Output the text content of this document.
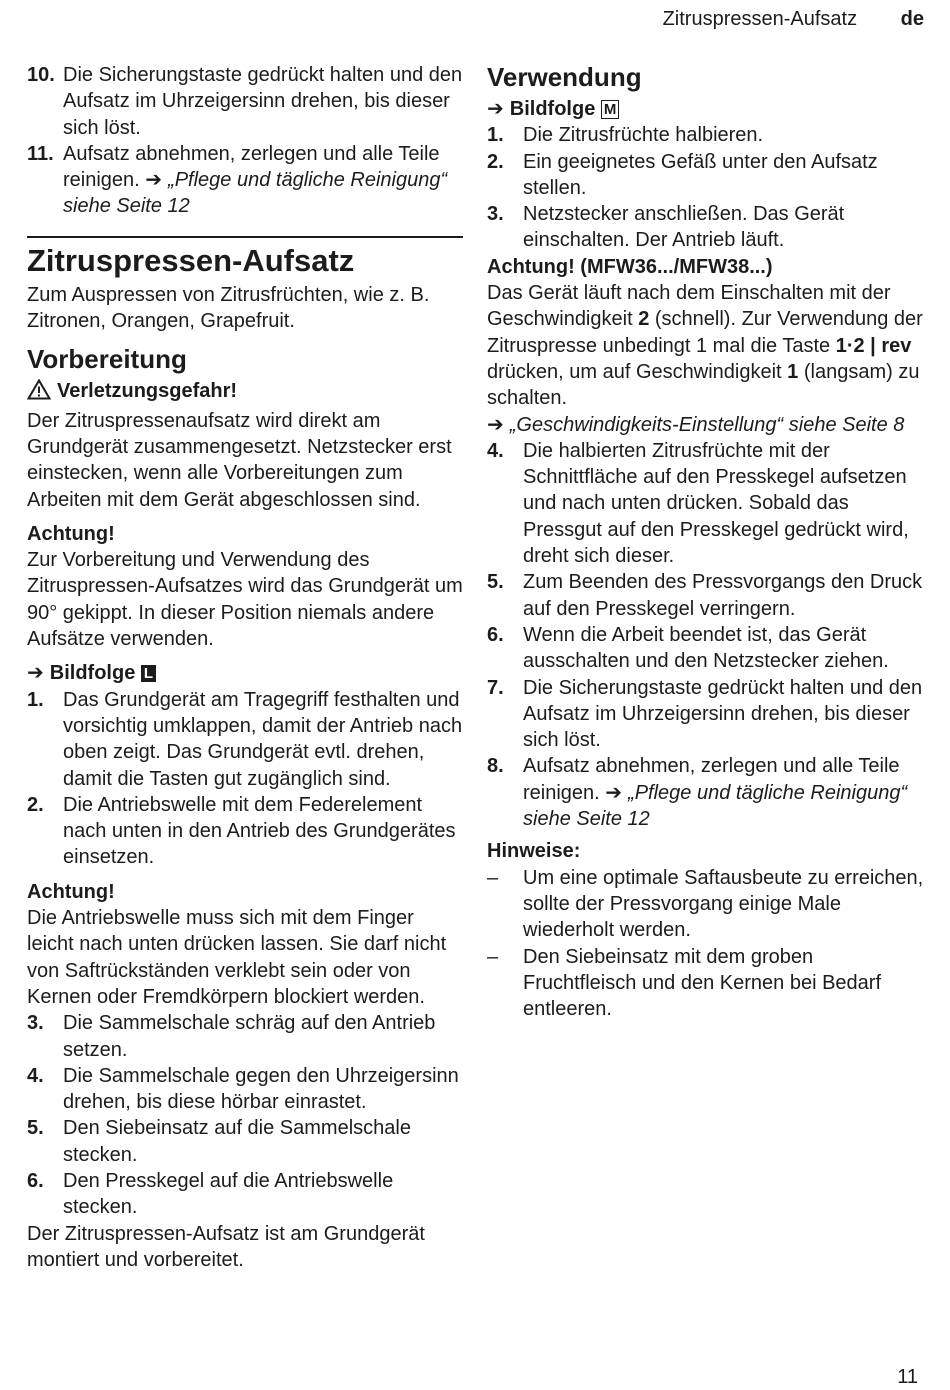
Zitruspressen-Aufsatz de
10. Die Sicherungstaste gedrückt halten und den Aufsatz im Uhrzeigersinn drehen, bis dieser sich löst.
11. Aufsatz abnehmen, zerlegen und alle Teile reinigen. ➔ „Pflege und tägliche Reinigung“ siehe Seite 12
Zitruspressen-Aufsatz
Zum Auspressen von Zitrusfrüchten, wie z. B. Zitronen, Orangen, Grapefruit.
Vorbereitung
Verletzungsgefahr!
Der Zitruspressenaufsatz wird direkt am Grundgerät zusammengesetzt. Netzstecker erst einstecken, wenn alle Vorbereitungen zum Arbeiten mit dem Gerät abgeschlossen sind.
Achtung!
Zur Vorbereitung und Verwendung des Zitruspressen-Aufsatzes wird das Grundgerät um 90° gekippt. In dieser Position niemals andere Aufsätze verwenden.
➔ Bildfolge L
1. Das Grundgerät am Tragegriff festhalten und vorsichtig umklappen, damit der Antrieb nach oben zeigt. Das Grundgerät evtl. drehen, damit die Tasten gut zugänglich sind.
2. Die Antriebswelle mit dem Federelement nach unten in den Antrieb des Grundgerätes einsetzen.
Achtung!
Die Antriebswelle muss sich mit dem Finger leicht nach unten drücken lassen. Sie darf nicht von Saftrückständen verklebt sein oder von Kernen oder Fremdkörpern blockiert werden.
3. Die Sammelschale schräg auf den Antrieb setzen.
4. Die Sammelschale gegen den Uhrzeigersinn drehen, bis diese hörbar einrastet.
5. Den Siebeinsatz auf die Sammelschale stecken.
6. Den Presskegel auf die Antriebswelle stecken.
Der Zitruspressen-Aufsatz ist am Grundgerät montiert und vorbereitet.
Verwendung
➔ Bildfolge M
1. Die Zitrusfrüchte halbieren.
2. Ein geeignetes Gefäß unter den Aufsatz stellen.
3. Netzstecker anschließen. Das Gerät einschalten. Der Antrieb läuft.
Achtung! (MFW36.../MFW38...)
Das Gerät läuft nach dem Einschalten mit der Geschwindigkeit 2 (schnell). Zur Verwendung der Zitruspresse unbedingt 1 mal die Taste 1·2 | rev drücken, um auf Geschwindigkeit 1 (langsam) zu schalten.
➔ „Geschwindigkeits-Einstellung“ siehe Seite 8
4. Die halbierten Zitrusfrüchte mit der Schnittfläche auf den Presskegel aufsetzen und nach unten drücken. Sobald das Pressgut auf den Presskegel gedrückt wird, dreht sich dieser.
5. Zum Beenden des Pressvorgangs den Druck auf den Presskegel verringern.
6. Wenn die Arbeit beendet ist, das Gerät ausschalten und den Netzstecker ziehen.
7. Die Sicherungstaste gedrückt halten und den Aufsatz im Uhrzeigersinn drehen, bis dieser sich löst.
8. Aufsatz abnehmen, zerlegen und alle Teile reinigen. ➔ „Pflege und tägliche Reinigung“ siehe Seite 12
Hinweise:
–	Um eine optimale Saftausbeute zu erreichen, sollte der Pressvorgang einige Male wiederholt werden.
–	Den Siebeinsatz mit dem groben Fruchtfleisch und den Kernen bei Bedarf entleeren.
11
